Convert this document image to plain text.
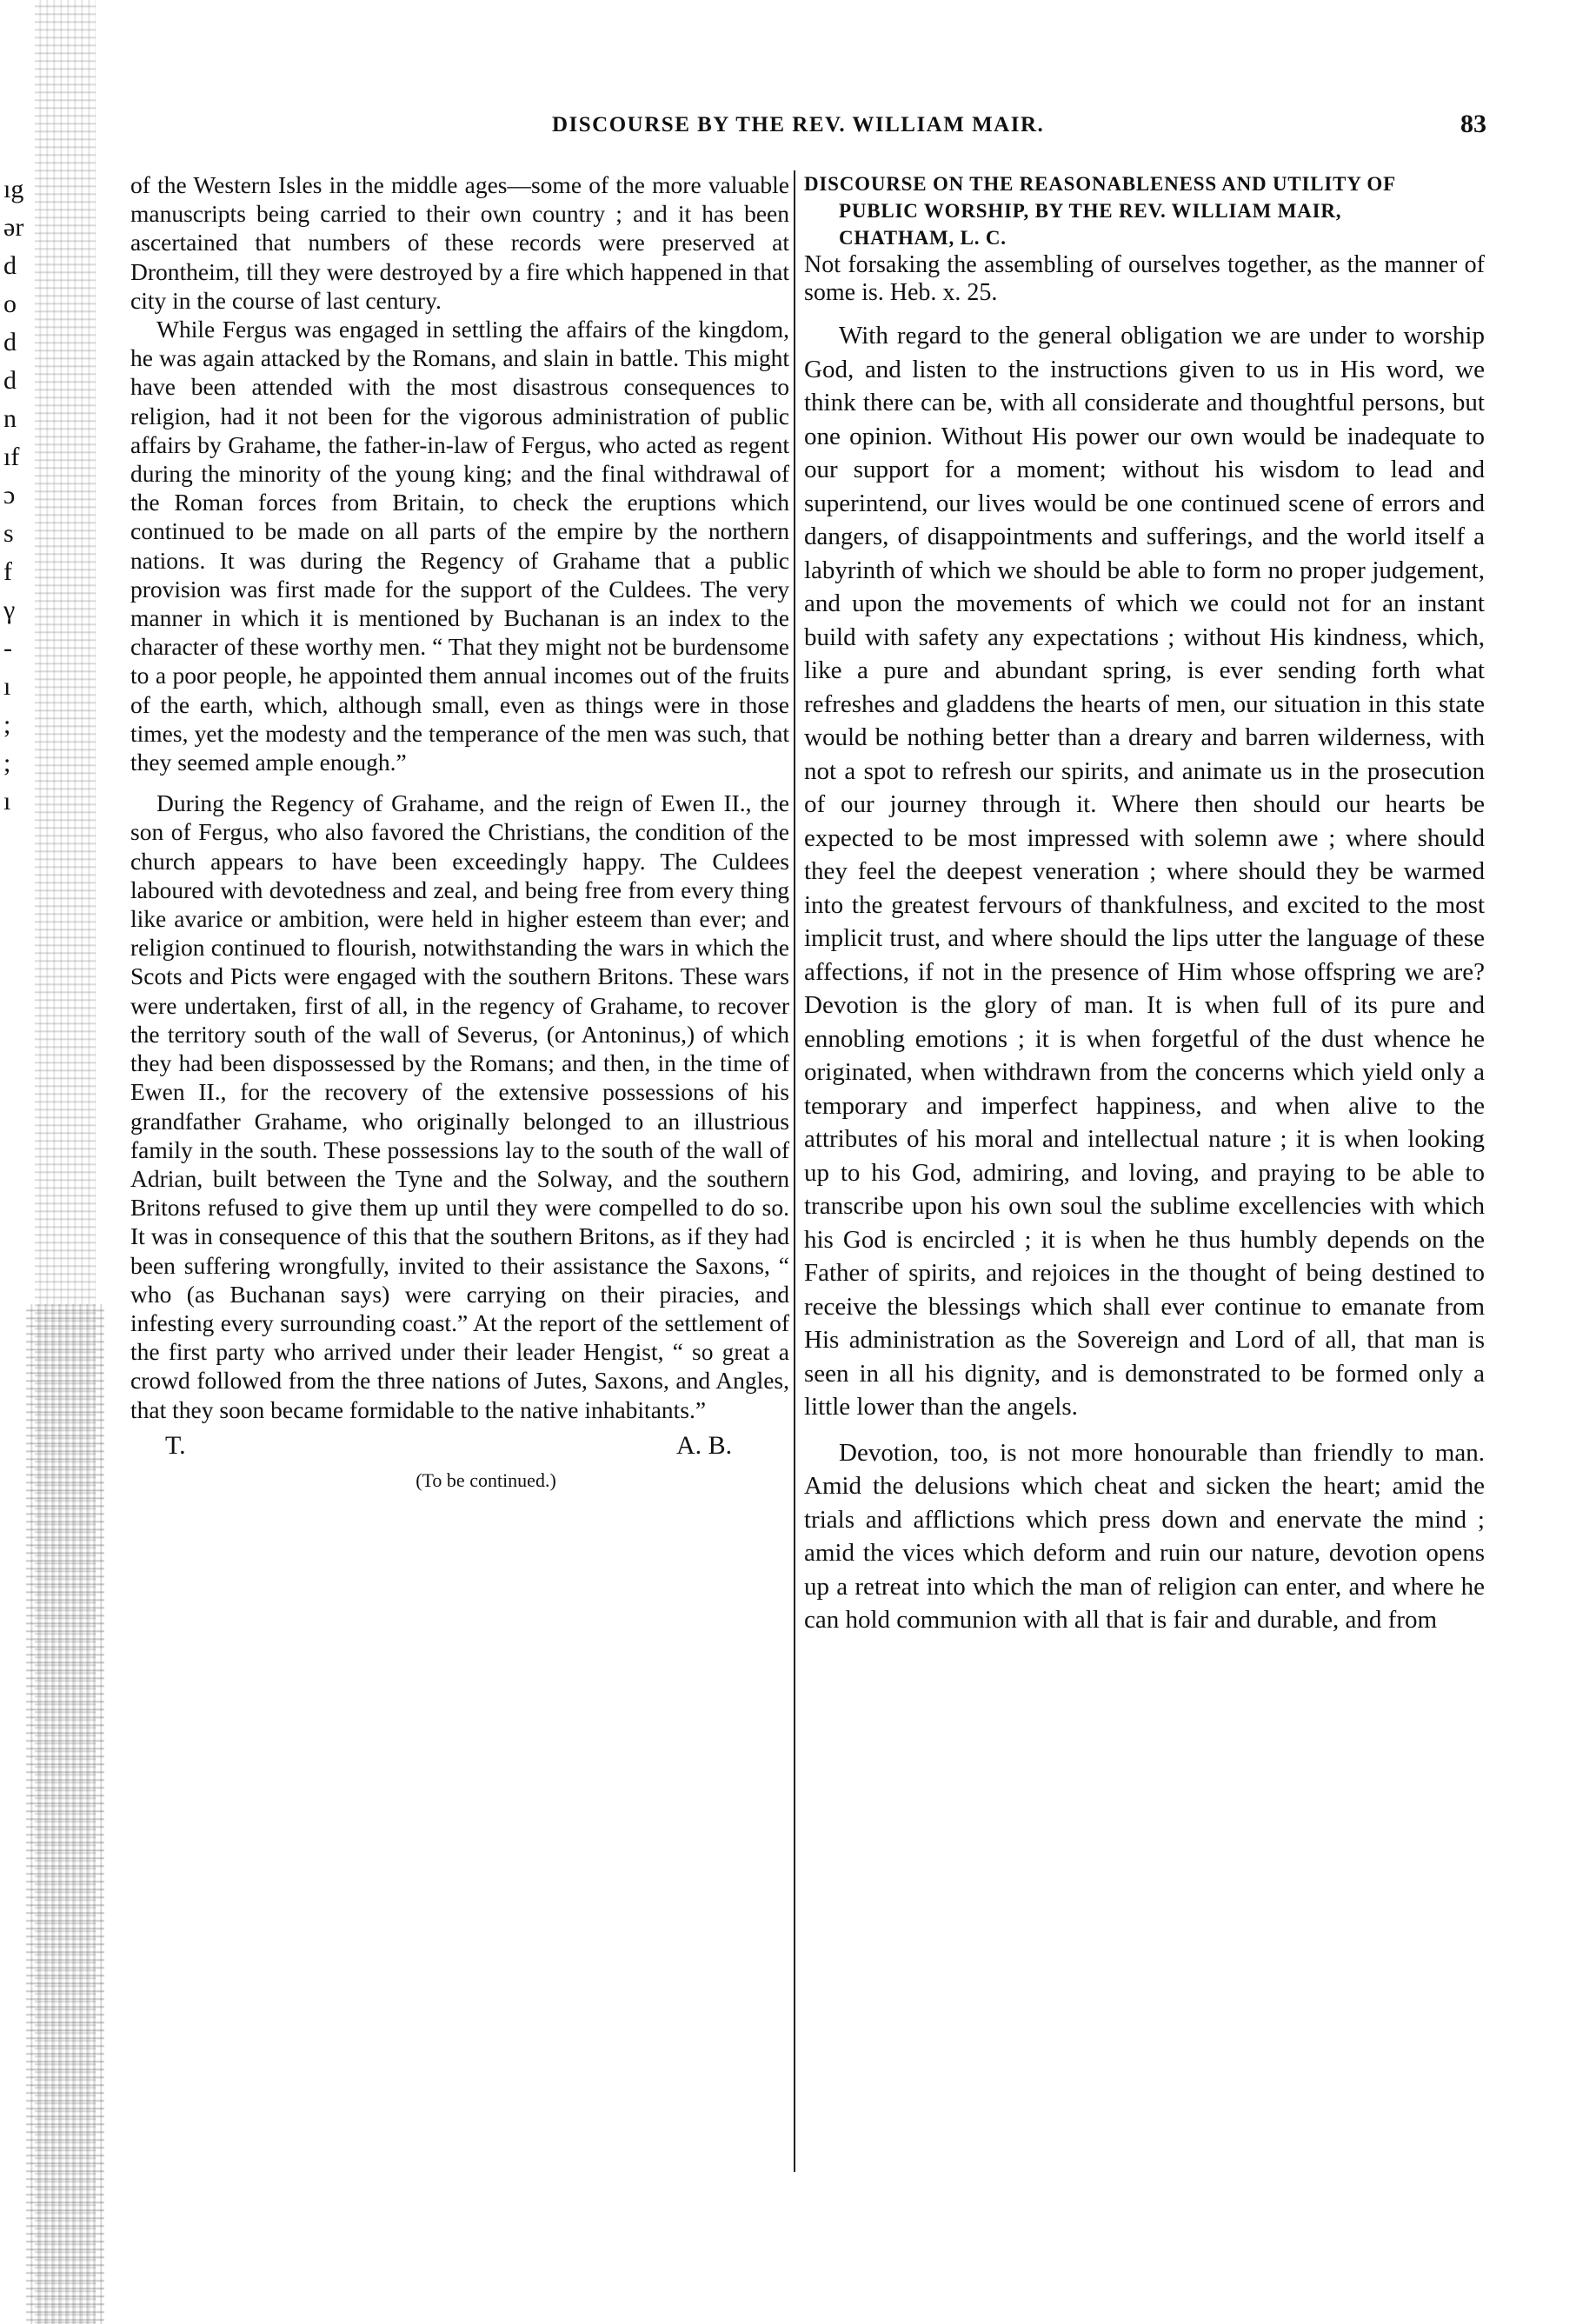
ıg
ər
d
o
d
d
n
ıf
ɔ
s
f
γ
-
ı
;
;
ı
DISCOURSE BY THE REV. WILLIAM MAIR.	83

of the Western Isles in the middle ages—some of the more valuable manuscripts being carried to their own country ; and it has been ascertained that numbers of these records were preserved at Drontheim, till they were destroyed by a fire which happened in that city in the course of last century.

While Fergus was engaged in settling the affairs of the kingdom, he was again attacked by the Romans, and slain in battle. This might have been attended with the most disastrous consequences to religion, had it not been for the vigorous administration of public affairs by Grahame, the father-in-law of Fergus, who acted as regent during the minority of the young king; and the final withdrawal of the Roman forces from Britain, to check the eruptions which continued to be made on all parts of the empire by the northern nations. It was during the Regency of Grahame that a public provision was first made for the support of the Culdees. The very manner in which it is mentioned by Buchanan is an index to the character of these worthy men. “ That they might not be burdensome to a poor people, he appointed them annual incomes out of the fruits of the earth, which, although small, even as things were in those times, yet the modesty and the temperance of the men was such, that they seemed ample enough.”

During the Regency of Grahame, and the reign of Ewen II., the son of Fergus, who also favored the Christians, the condition of the church appears to have been exceedingly happy. The Culdees laboured with devotedness and zeal, and being free from every thing like avarice or ambition, were held in higher esteem than ever; and religion continued to flourish, notwithstanding the wars in which the Scots and Picts were engaged with the southern Britons. These wars were undertaken, first of all, in the regency of Grahame, to recover the territory south of the wall of Severus, (or Antoninus,) of which they had been dispossessed by the Romans; and then, in the time of Ewen II., for the recovery of the extensive possessions of his grandfather Grahame, who originally belonged to an illustrious family in the south. These possessions lay to the south of the wall of Adrian, built between the Tyne and the Solway, and the southern Britons refused to give them up until they were compelled to do so. It was in consequence of this that the southern Britons, as if they had been suffering wrongfully, invited to their assistance the Saxons, “ who (as Buchanan says) were carrying on their piracies, and infesting every surrounding coast.” At the report of the settlement of the first party who arrived under their leader Hengist, “ so great a crowd followed from the three nations of Jutes, Saxons, and Angles, that they soon became formidable to the native inhabitants.”

T.	A. B.
(To be continued.)
DISCOURSE ON THE REASONABLENESS AND UTILITY OF
PUBLIC WORSHIP, BY THE REV. WILLIAM MAIR,
CHATHAM, L. C.

Not forsaking the assembling of ourselves together, as the manner of some is. Heb. x. 25.

With regard to the general obligation we are under to worship God, and listen to the instructions given to us in His word, we think there can be, with all considerate and thoughtful persons, but one opinion. Without His power our own would be inadequate to our support for a moment; without his wisdom to lead and superintend, our lives would be one continued scene of errors and dangers, of disappointments and sufferings, and the world itself a labyrinth of which we should be able to form no proper judgement, and upon the movements of which we could not for an instant build with safety any expectations ; without His kindness, which, like a pure and abundant spring, is ever sending forth what refreshes and gladdens the hearts of men, our situation in this state would be nothing better than a dreary and barren wilderness, with not a spot to refresh our spirits, and animate us in the prosecution of our journey through it. Where then should our hearts be expected to be most impressed with solemn awe ; where should they feel the deepest veneration ; where should they be warmed into the greatest fervours of thankfulness, and excited to the most implicit trust, and where should the lips utter the language of these affections, if not in the presence of Him whose offspring we are? Devotion is the glory of man. It is when full of its pure and ennobling emotions ; it is when forgetful of the dust whence he originated, when withdrawn from the concerns which yield only a temporary and imperfect happiness, and when alive to the attributes of his moral and intellectual nature ; it is when looking up to his God, admiring, and loving, and praying to be able to transcribe upon his own soul the sublime excellencies with which his God is encircled ; it is when he thus humbly depends on the Father of spirits, and rejoices in the thought of being destined to receive the blessings which shall ever continue to emanate from His administration as the Sovereign and Lord of all, that man is seen in all his dignity, and is demonstrated to be formed only a little lower than the angels.

Devotion, too, is not more honourable than friendly to man. Amid the delusions which cheat and sicken the heart; amid the trials and afflictions which press down and enervate the mind ; amid the vices which deform and ruin our nature, devotion opens up a retreat into which the man of religion can enter, and where he can hold communion with all that is fair and durable, and from
